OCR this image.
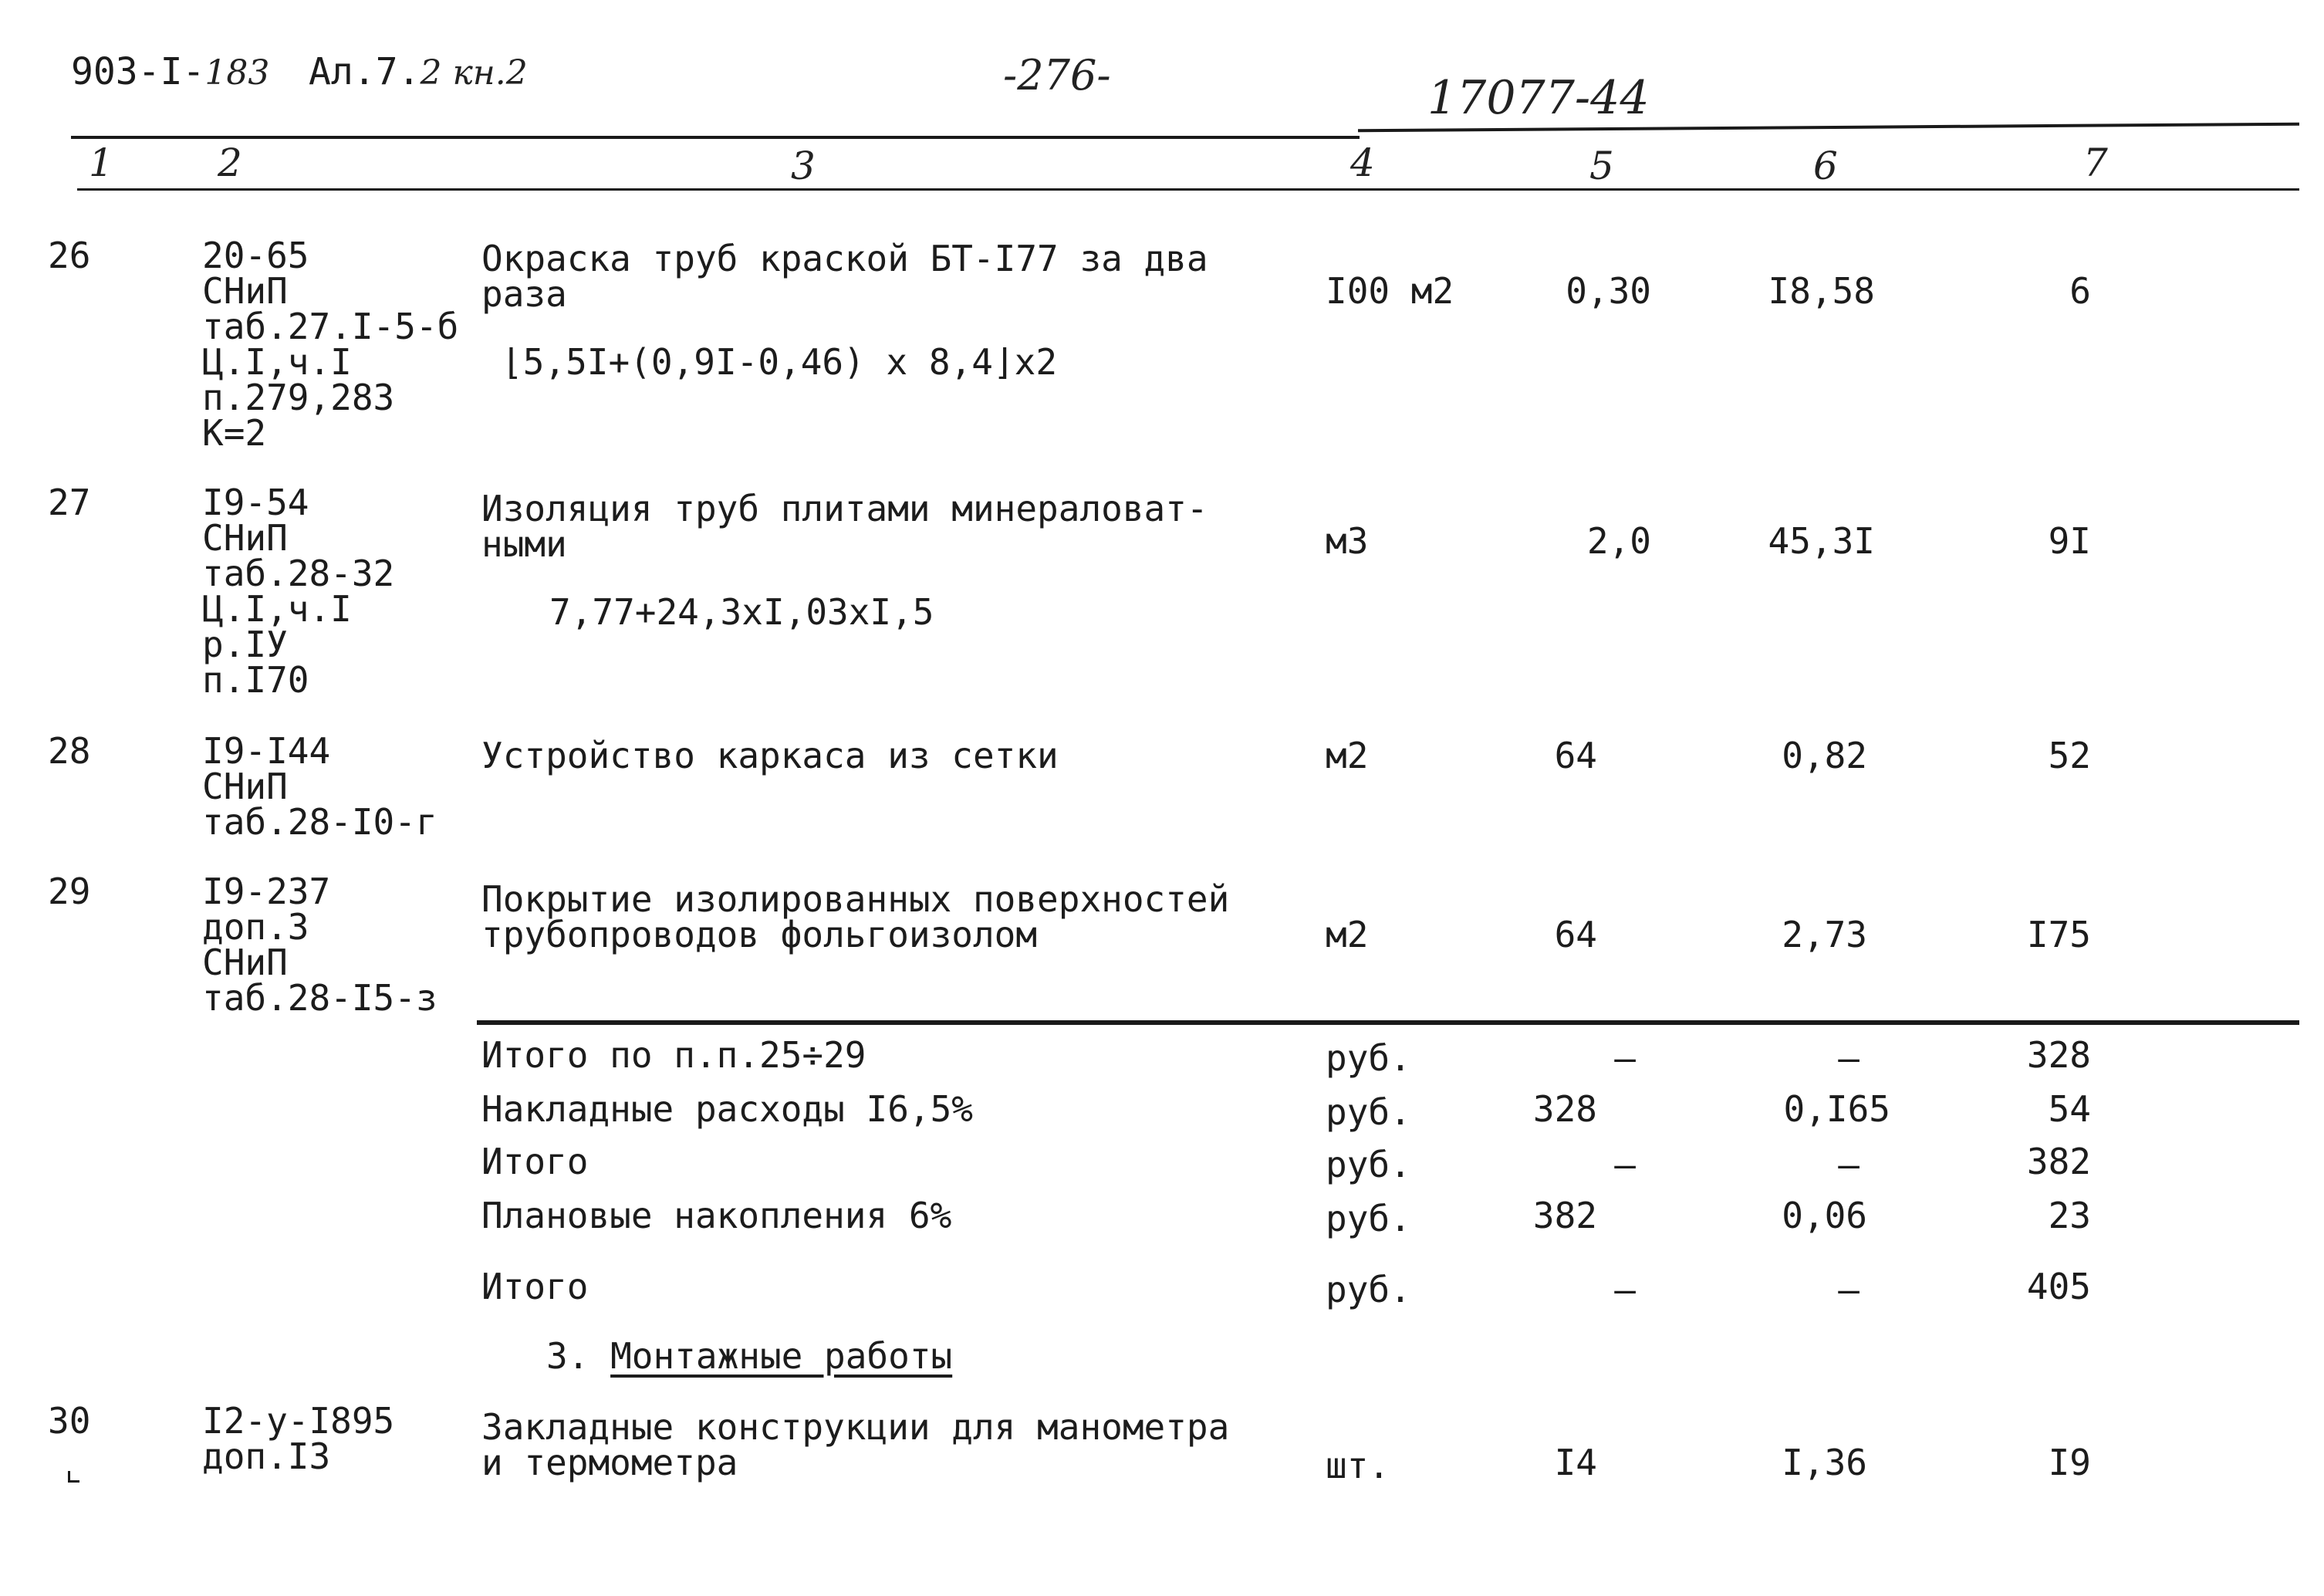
903-I-183 Ал.7.2 кн.2	-276-	17077-44
1	2	3	4	5	6	7
26	20-65
СНиП
таб.27.I-5-б
Ц.I,ч.I
п.279,283
К=2
Окраска труб краской БТ-I77 за два
раза
⌊5,5I+(0,9I-0,46) x 8,4⌋x2
I00 м2	0,30	I8,58	6
27	I9-54
СНиП
таб.28-32
Ц.I,ч.I
р.IУ
п.I70
Изоляция труб плитами минераловат-
ными
7,77+24,3xI,03xI,5
м3	2,0	45,3I	9I
28	I9-I44
СНиП
таб.28-I0-г
Устройство каркаса из сетки	м2	64	0,82	52
29	I9-237
доп.3
СНиП
таб.28-I5-з
Покрытие изолированных поверхностей
трубопроводов фольгоизолом	м2	64	2,73	I75
Итого по п.п.25÷29	руб.	–	–	328
Накладные расходы I6,5%	руб.	328	0,I65	54
Итого	руб.	–	–	382
Плановые накопления 6%	руб.	382	0,06	23
Итого	руб.	–	–	405
3. Монтажные работы
30	I2-у-I895
доп.I3
Закладные конструкции для манометра
и термометра	шт.	I4	I,36	I9
